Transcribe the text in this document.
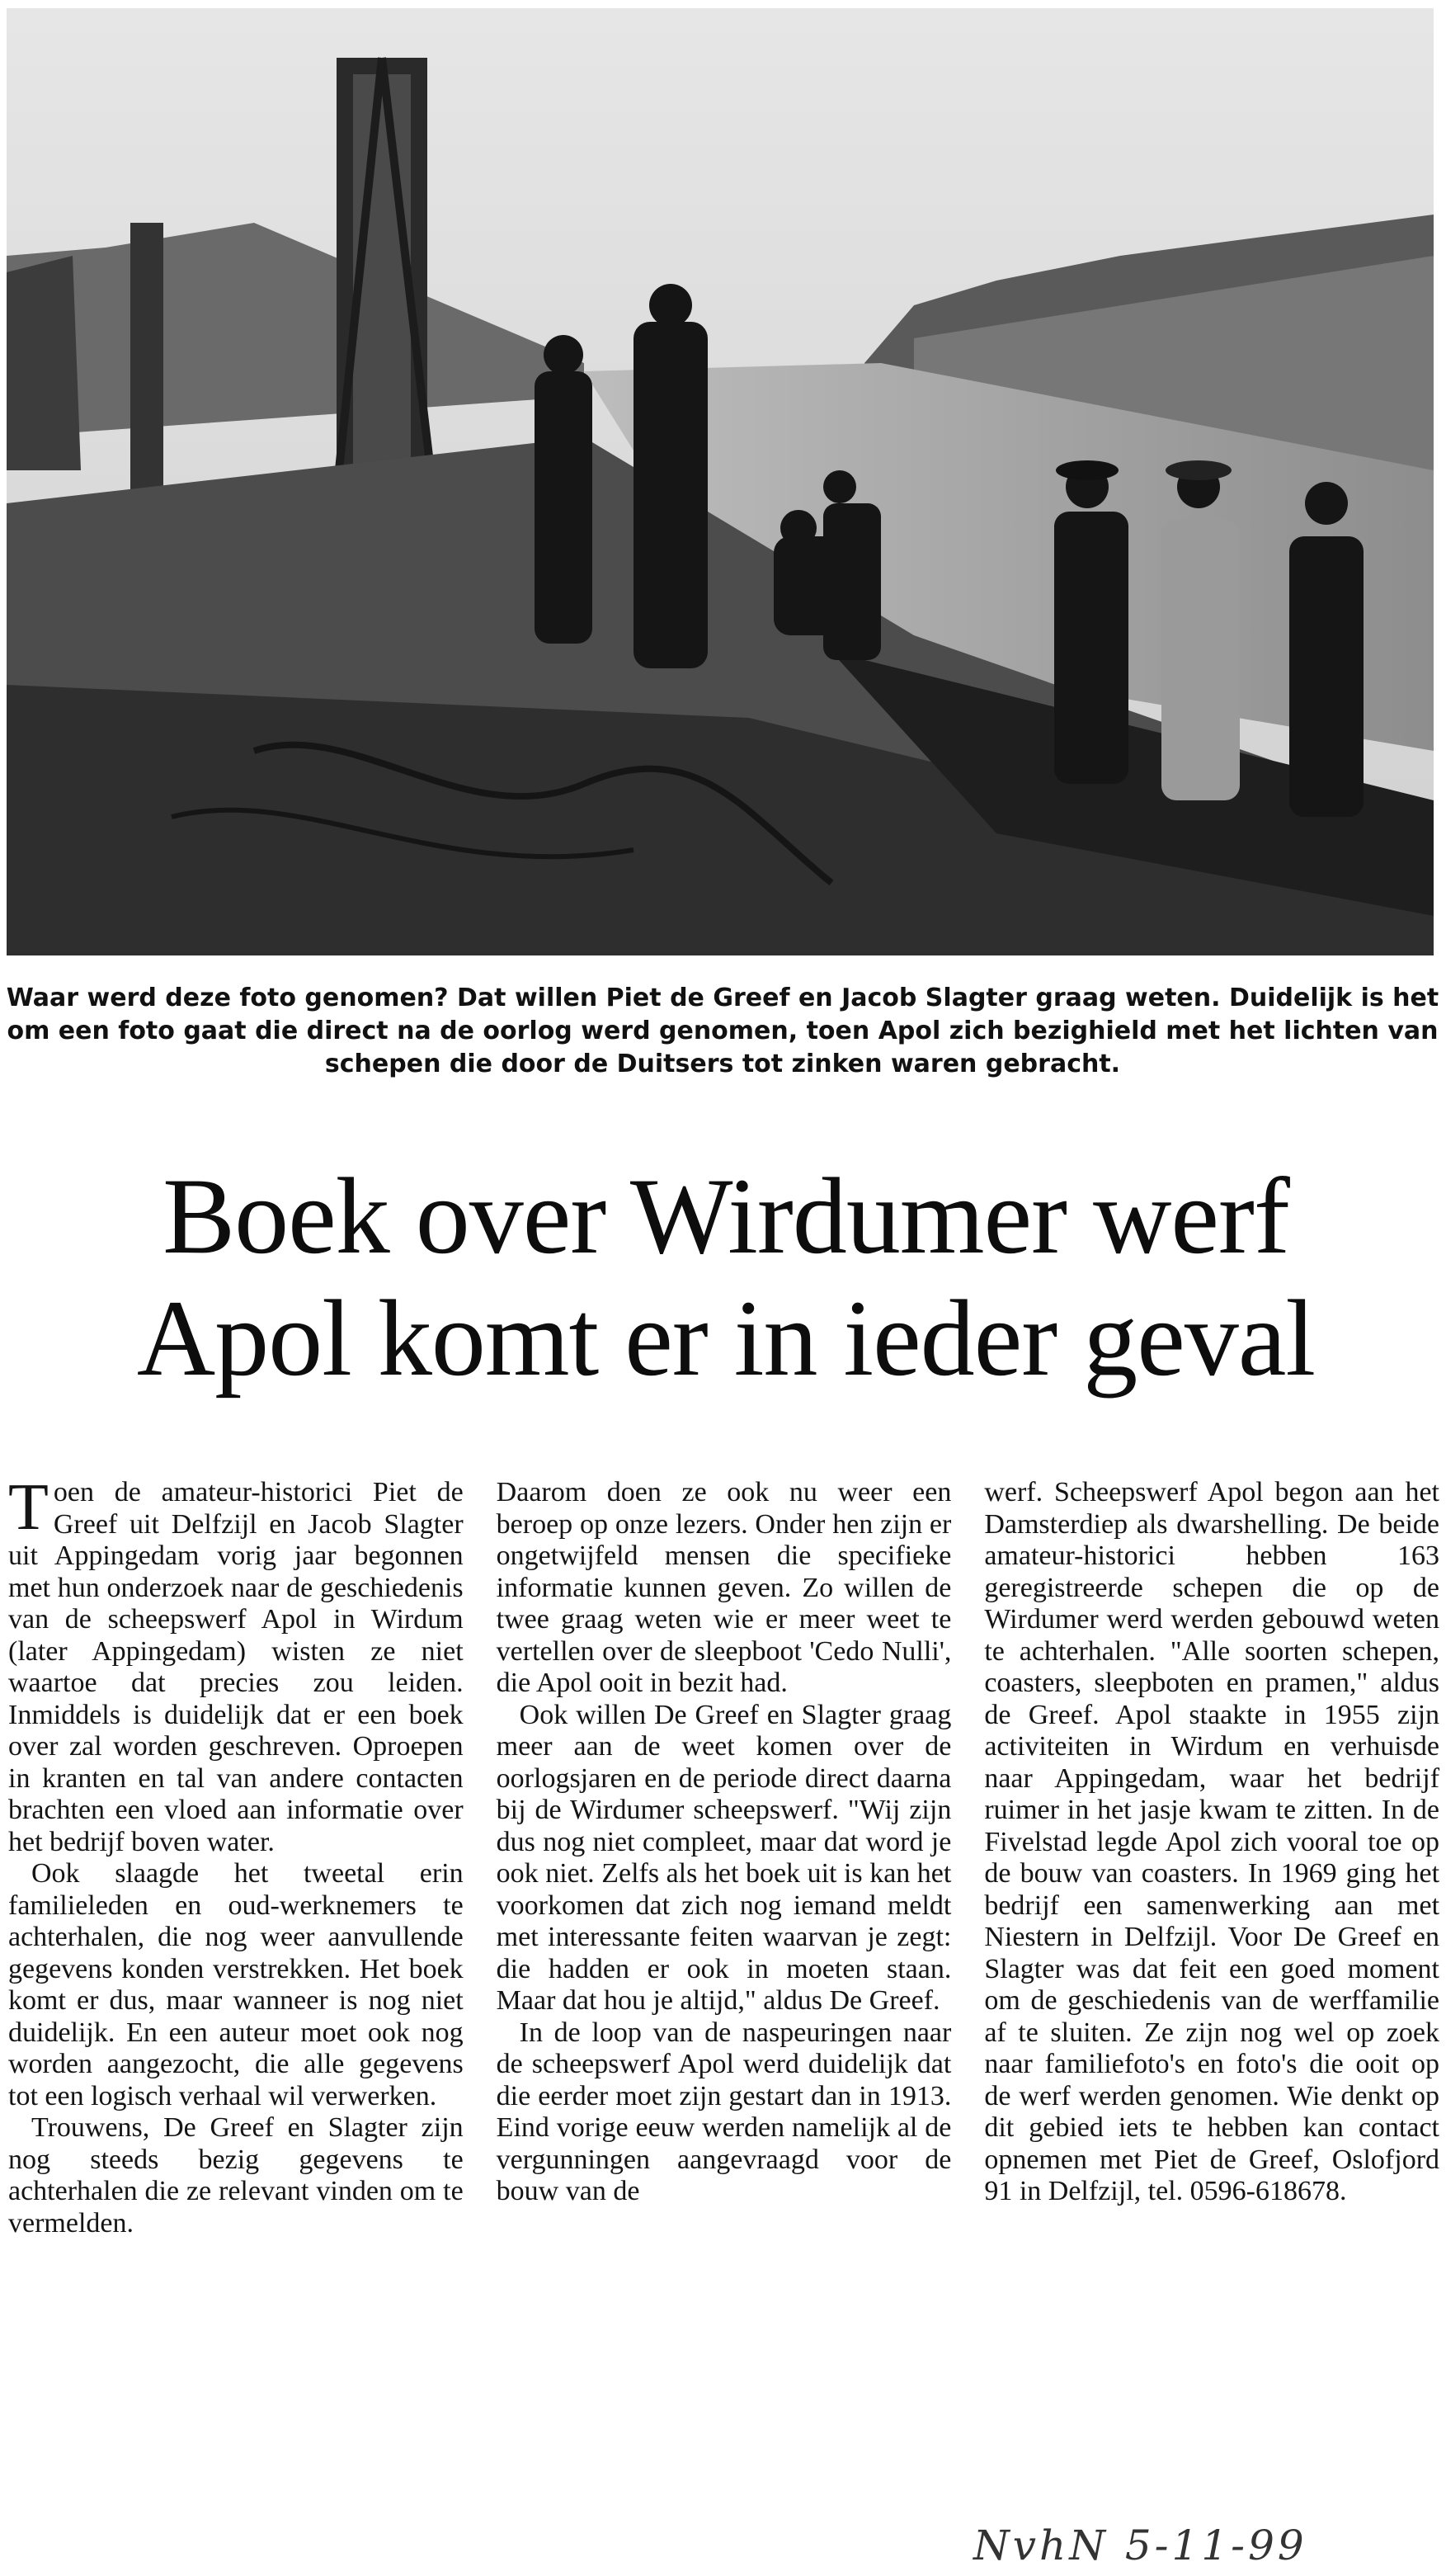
Waar werd deze foto genomen? Dat willen Piet de Greef en Jacob Slagter graag weten. Duidelijk is het om een foto gaat die direct na de oorlog werd genomen, toen Apol zich bezighield met het lichten van schepen die door de Duitsers tot zinken waren gebracht.
Boek over Wirdumer werf
Apol komt er in ieder geval

Toen de amateur-historici Piet de Greef uit Delfzijl en Jacob Slagter uit Appingedam vorig jaar begonnen met hun onderzoek naar de geschiedenis van de scheepswerf Apol in Wirdum (later Appingedam) wisten ze niet waartoe dat precies zou leiden. Inmiddels is duidelijk dat er een boek over zal worden geschreven. Oproepen in kranten en tal van andere contacten brachten een vloed aan informatie over het bedrijf boven water.

Ook slaagde het tweetal erin familieleden en oud-werknemers te achterhalen, die nog weer aanvullende gegevens konden verstrekken. Het boek komt er dus, maar wanneer is nog niet duidelijk. En een auteur moet ook nog worden aangezocht, die alle gegevens tot een logisch verhaal wil verwerken.

Trouwens, De Greef en Slagter zijn nog steeds bezig gegevens te achterhalen die ze relevant vinden om te vermelden.

Daarom doen ze ook nu weer een beroep op onze lezers. Onder hen zijn er ongetwijfeld mensen die specifieke informatie kunnen geven. Zo willen de twee graag weten wie er meer weet te vertellen over de sleepboot 'Cedo Nulli', die Apol ooit in bezit had.

Ook willen De Greef en Slagter graag meer aan de weet komen over de oorlogsjaren en de periode direct daarna bij de Wirdumer scheepswerf. "Wij zijn dus nog niet compleet, maar dat word je ook niet. Zelfs als het boek uit is kan het voorkomen dat zich nog iemand meldt met interessante feiten waarvan je zegt: die hadden er ook in moeten staan. Maar dat hou je altijd," aldus De Greef.

In de loop van de naspeuringen naar de scheepswerf Apol werd duidelijk dat die eerder moet zijn gestart dan in 1913. Eind vorige eeuw werden namelijk al de vergunningen aangevraagd voor de bouw van de

werf. Scheepswerf Apol begon aan het Damsterdiep als dwarshelling. De beide amateur-historici hebben 163 geregistreerde schepen die op de Wirdumer werd werden gebouwd weten te achterhalen. "Alle soorten schepen, coasters, sleepboten en pramen," aldus de Greef. Apol staakte in 1955 zijn activiteiten in Wirdum en verhuisde naar Appingedam, waar het bedrijf ruimer in het jasje kwam te zitten. In de Fivelstad legde Apol zich vooral toe op de bouw van coasters. In 1969 ging het bedrijf een samenwerking aan met Niestern in Delfzijl. Voor De Greef en Slagter was dat feit een goed moment om de geschiedenis van de werffamilie af te sluiten. Ze zijn nog wel op zoek naar familiefoto's en foto's die ooit op de werf werden genomen. Wie denkt op dit gebied iets te hebben kan contact opnemen met Piet de Greef, Oslofjord 91 in Delfzijl, tel. 0596-618678.

NvhN 5-11-99
